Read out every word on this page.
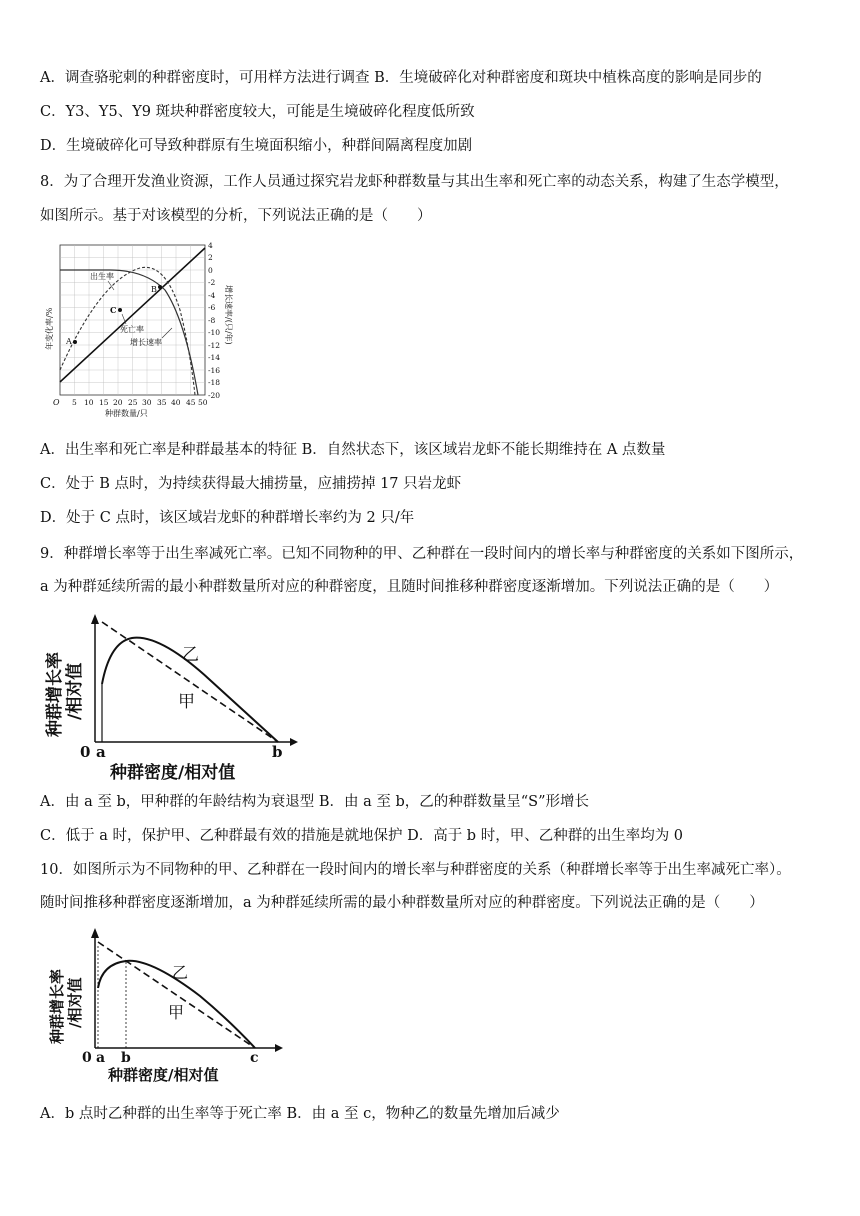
A．调查骆驼刺的种群密度时，可用样方法进行调查 B．生境破碎化对种群密度和斑块中植株高度的影响是同步的
C．Y3、Y5、Y9 斑块种群密度较大，可能是生境破碎化程度低所致
D．生境破碎化可导致种群原有生境面积缩小，种群间隔离程度加剧
8．为了合理开发渔业资源，工作人员通过探究岩龙虾种群数量与其出生率和死亡率的动态关系，构建了生态学模型，
如图所示。基于对该模型的分析，下列说法正确的是（　　）
A
B
C
出生率
死亡率
增长速率
年变化率/%
4
2
0
-2
-4
-6
-8
-10
-12
-14
-16
-18
-20
增长速率/(只/年)
O 5 10 15 20 25 30 35 40 45 50
种群数量/只
A．出生率和死亡率是种群最基本的特征 B．自然状态下，该区域岩龙虾不能长期维持在 A 点数量
C．处于 B 点时，为持续获得最大捕捞量，应捕捞掉 17 只岩龙虾
D．处于 C 点时，该区域岩龙虾的种群增长率约为 2 只/年
9．种群增长率等于出生率减死亡率。已知不同物种的甲、乙种群在一段时间内的增长率与种群密度的关系如下图所示，
a 为种群延续所需的最小种群数量所对应的种群密度，且随时间推移种群密度逐渐增加。下列说法正确的是（　　）
乙
甲
0 a	b
种群增长率 /相对值
种群密度/相对值
A．由 a 至 b，甲种群的年龄结构为衰退型 B．由 a 至 b，乙的种群数量呈“S”形增长
C．低于 a 时，保护甲、乙种群最有效的措施是就地保护 D．高于 b 时，甲、乙种群的出生率均为 0
10．如图所示为不同物种的甲、乙种群在一段时间内的增长率与种群密度的关系（种群增长率等于出生率减死亡率）。
随时间推移种群密度逐渐增加，a 为种群延续所需的最小种群数量所对应的种群密度。下列说法正确的是（　　）
乙
甲
0 a b	c
种群增长率 /相对值
种群密度/相对值
A．b 点时乙种群的出生率等于死亡率 B．由 a 至 c，物种乙的数量先增加后减少
